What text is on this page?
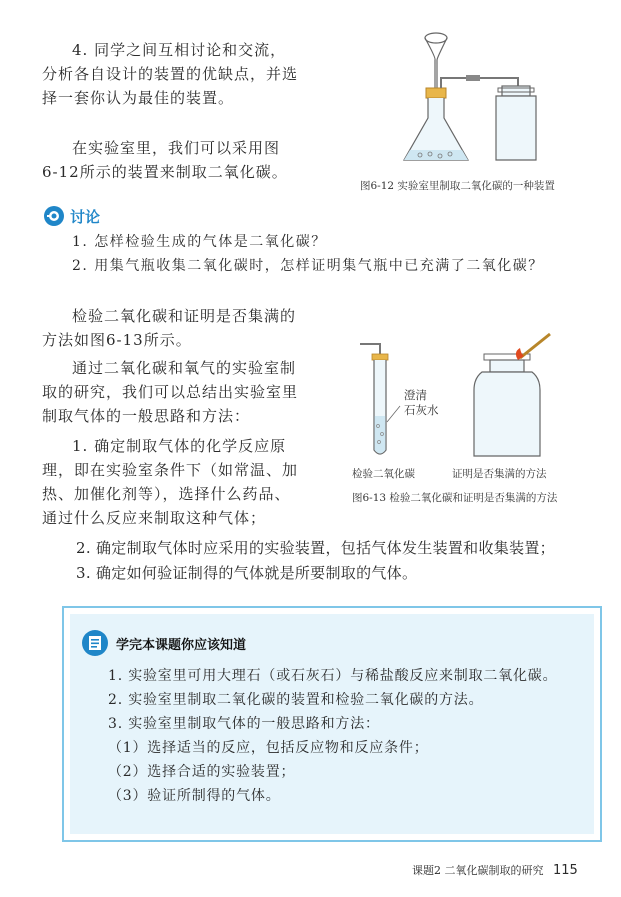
4. 同学之间互相讨论和交流，
分析各自设计的装置的优缺点，并选
择一套你认为最佳的装置。
在实验室里，我们可以采用图
6-12所示的装置来制取二氧化碳。
图6-12 实验室里制取二氧化碳的一种装置
讨论
1. 怎样检验生成的气体是二氧化碳？
2. 用集气瓶收集二氧化碳时，怎样证明集气瓶中已充满了二氧化碳？
检验二氧化碳和证明是否集满的
方法如图6-13所示。
通过二氧化碳和氧气的实验室制
取的研究，我们可以总结出实验室里
制取气体的一般思路和方法：
1. 确定制取气体的化学反应原
理，即在实验室条件下（如常温、加
热、加催化剂等），选择什么药品、
通过什么反应来制取这种气体；
澄清
石灰水
检验二氧化碳	证明是否集满的方法
图6-13 检验二氧化碳和证明是否集满的方法
2. 确定制取气体时应采用的实验装置，包括气体发生装置和收集装置；
3. 确定如何验证制得的气体就是所要制取的气体。
学完本课题你应该知道
1. 实验室里可用大理石（或石灰石）与稀盐酸反应来制取二氧化碳。
2. 实验室里制取二氧化碳的装置和检验二氧化碳的方法。
3. 实验室里制取气体的一般思路和方法：
（1）选择适当的反应，包括反应物和反应条件；
（2）选择合适的实验装置；
（3）验证所制得的气体。
课题2 二氧化碳制取的研究 115
